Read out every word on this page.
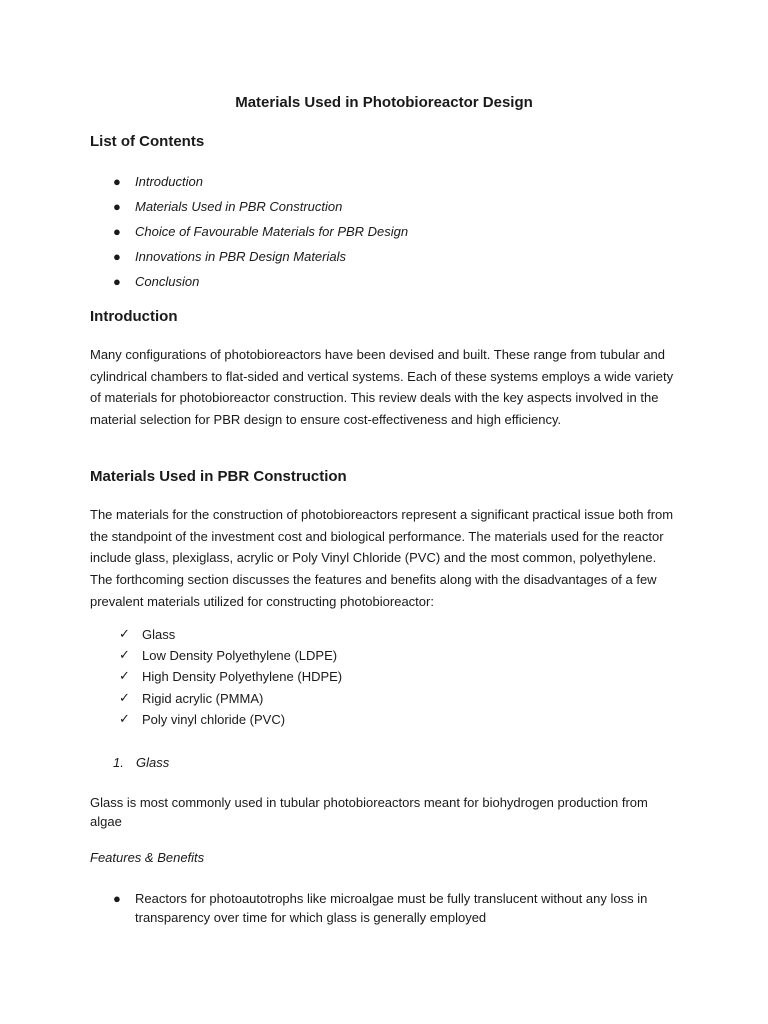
Materials Used in Photobioreactor Design
List of Contents
● Introduction
● Materials Used in PBR Construction
● Choice of Favourable Materials for PBR Design
● Innovations in PBR Design Materials
● Conclusion
Introduction

Many configurations of photobioreactors have been devised and built. These range from tubular and cylindrical chambers to flat-sided and vertical systems. Each of these systems employs a wide variety of materials for photobioreactor construction. This review deals with the key aspects involved in the material selection for PBR design to ensure cost-effectiveness and high efficiency.

Materials Used in PBR Construction

The materials for the construction of photobioreactors represent a significant practical issue both from the standpoint of the investment cost and biological performance. The materials used for the reactor include glass, plexiglass, acrylic or Poly Vinyl Chloride (PVC) and the most common, polyethylene. The forthcoming section discusses the features and benefits along with the disadvantages of a few prevalent materials utilized for constructing photobioreactor:

✓ Glass
✓ Low Density Polyethylene (LDPE)
✓ High Density Polyethylene (HDPE)
✓ Rigid acrylic (PMMA)
✓ Poly vinyl chloride (PVC)

1. Glass

Glass is most commonly used in tubular photobioreactors meant for biohydrogen production from algae

Features & Benefits

● Reactors for photoautotrophs like microalgae must be fully translucent without any loss in transparency over time for which glass is generally employed
